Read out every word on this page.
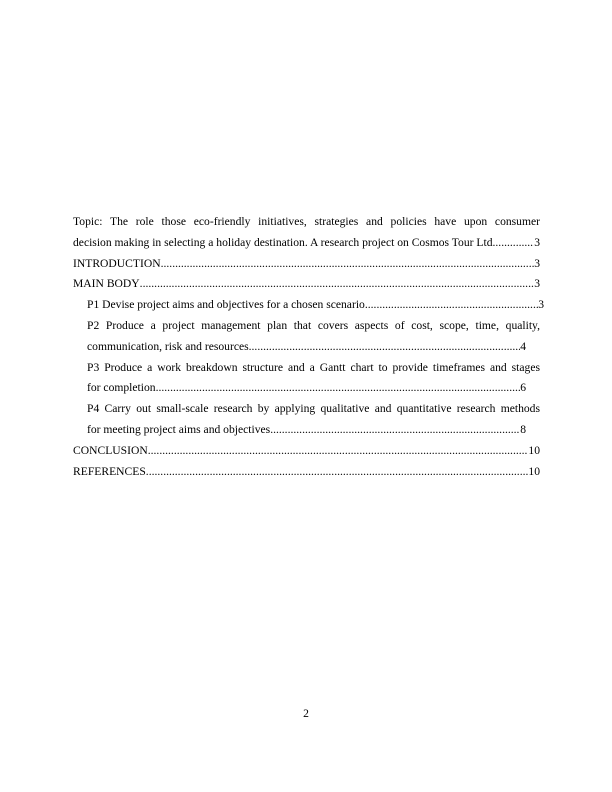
Topic: The role those eco-friendly initiatives, strategies and policies have upon consumer
decision making in selecting a holiday destination. A research project on Cosmos Tour Ltd .....	3
INTRODUCTION .....	3
MAIN BODY .....	3
P1 Devise project aims and objectives for a chosen scenario .....	3
P2 Produce a project management plan that covers aspects of cost, scope, time, quality,
communication, risk and resources .....	4
P3 Produce a work breakdown structure and a Gantt chart to provide timeframes and stages
for completion .....	6
P4 Carry out small-scale research by applying qualitative and quantitative research methods
for meeting project aims and objectives .....	8
CONCLUSION .....	10
REFERENCES .....	10
2
